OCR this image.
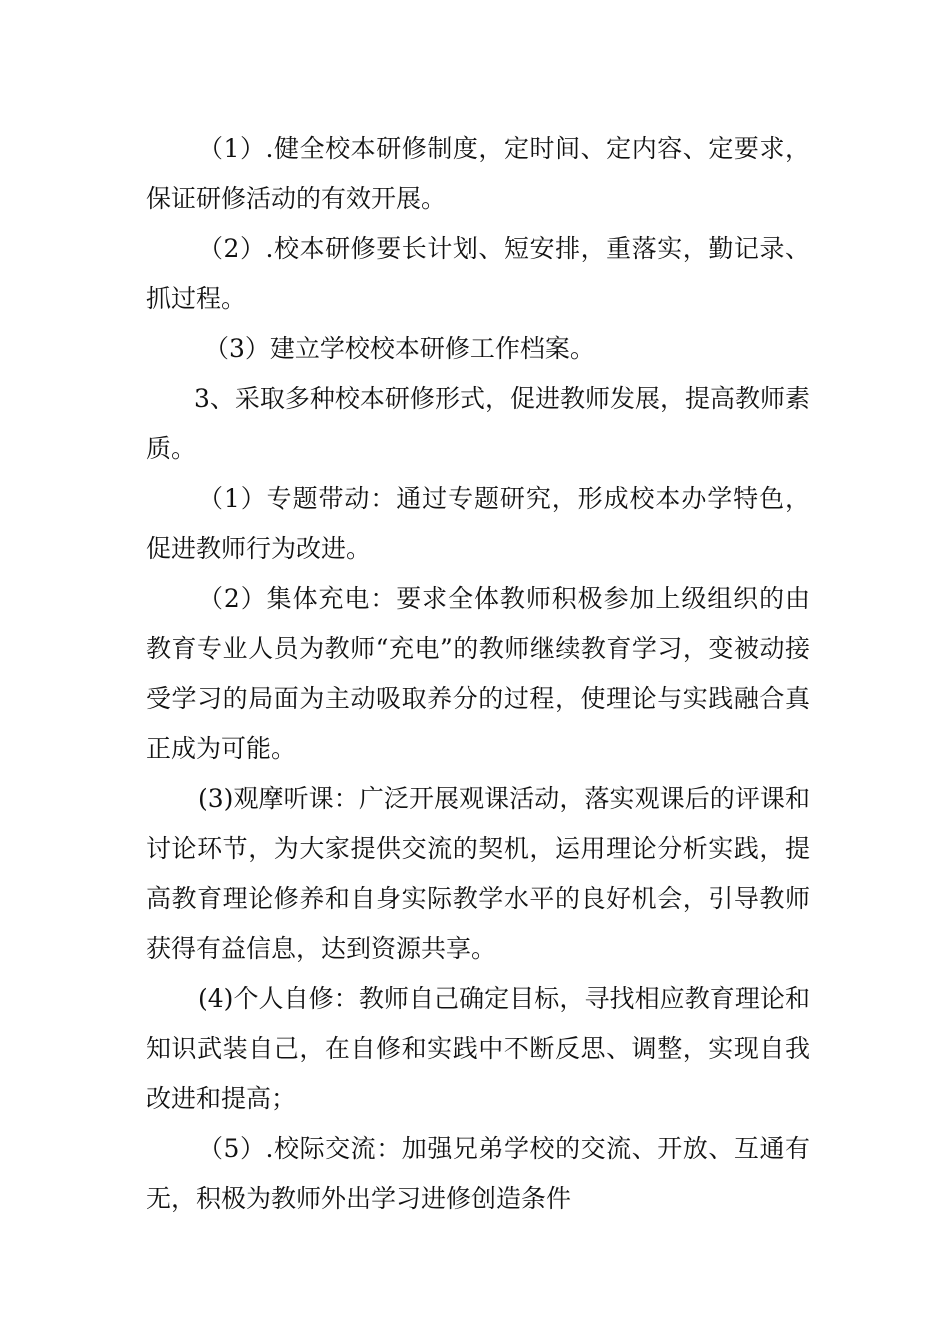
（1）.健全校本研修制度，定时间、定内容、定要求，保证研修活动的有效开展。

（2）.校本研修要长计划、短安排，重落实，勤记录、抓过程。

（3）建立学校校本研修工作档案。

3、采取多种校本研修形式，促进教师发展，提高教师素质。

（1）专题带动：通过专题研究，形成校本办学特色，促进教师行为改进。

（2）集体充电：要求全体教师积极参加上级组织的由教育专业人员为教师“充电”的教师继续教育学习，变被动接受学习的局面为主动吸取养分的过程，使理论与实践融合真正成为可能。

(3)观摩听课：广泛开展观课活动，落实观课后的评课和讨论环节，为大家提供交流的契机，运用理论分析实践，提高教育理论修养和自身实际教学水平的良好机会，引导教师获得有益信息，达到资源共享。

(4)个人自修：教师自己确定目标，寻找相应教育理论和知识武装自己，在自修和实践中不断反思、调整，实现自我改进和提高；

（5）.校际交流：加强兄弟学校的交流、开放、互通有无，积极为教师外出学习进修创造条件
